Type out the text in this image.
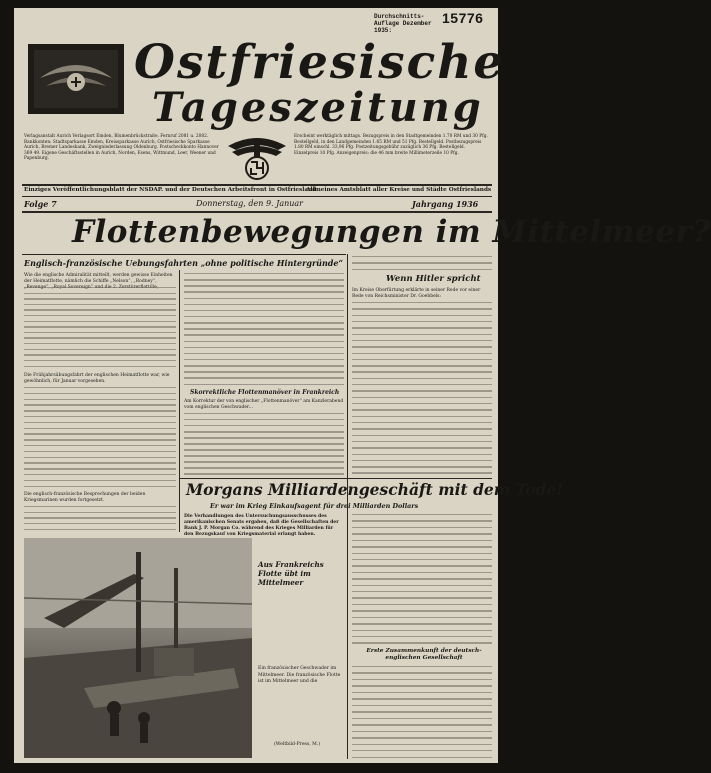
Durchschnitts-Auflage Dezember 1935:
15776
Ostfriesische
Tageszeitung
Verlagsanstalt Aurich Verlagsort Emden, Blumenbrückstraße. Fernruf 2081 u. 2082. Bankkonten: Stadtsparkasse Emden, Kreissparkasse Aurich, Ostfriesische Sparkasse Aurich, Bremer Landesbank, Zweigniederlassung Oldenburg. Postscheckkonto Hannover 369 49. Eigene Geschäftsstellen in Aurich, Norden, Esens, Wittmund, Leer, Weener und Papenburg.
Erscheint werktäglich mittags. Bezugspreis in den Stadtgemeinden 1.70 RM und 30 Pfg. Bestellgeld, in den Landgemeinden 1.65 RM und 51 Pfg. Bestellgeld. Postbezugspreis 1.80 RM einschl. 33,96 Pfg. Postzeitungsgebühr zuzüglich 36 Pfg. Bestellgeld. Einzelpreis 10 Pfg. Anzeigenpreis: die 46 mm breite Millimeterzeile 10 Pfg.
Einziges Veröffentlichungsblatt der NSDAP. und der Deutschen Arbeitsfront in Ostfriesland
Allmeines Amtsblatt aller Kreise und Städte Ostfrieslands
Folge 7	Donnerstag, den 9. Januar	Jahrgang 1936
Flottenbewegungen im Mittelmeer?
Englisch-französische Uebungsfahrten „ohne politische Hintergründe“
Wie die englische Admiralität mitteilt, werden gewisse Einheiten der Heimatflotte, nämlich die Schiffe „Nelson“, „Rodney“,
Die Frühjahrsübungsfahrt der englischen Heimatflotte war, wie gewöhnlich, für Januar vorgesehen.
Die englisch-französische Besprechungen der beiden Kriegsmarinen wurden fortgesetzt.
Skorrektliche Flottenmanöver in Frankreich
Am Korrektur der von englischer „Flottenmanöver“ am Kanzlerabend vom englischen Geschwader...
Morgans Milliardengeschäft mit dem Tode!
Er war im Krieg Einkaufsagent für drei Milliarden Dollars
Die Verhandlungen des Untersuchungsausschusses des amerikanischen Senats ergaben, daß die Gesellschaften der Bank J. P. Morgan Co. während des Krieges Milliarden für den Bezugskauf von Kriegsmaterial erlangt haben.
Wenn Hitler spricht
Im Kreise Oberfürtung erklärte in seiner Rede vor einer Rede von Reichsminister Dr. Goebbels:
Erste Zusammenkunft der deutsch-englischen Gesellschaft
Aus Frankreichs Flotte übt im Mittelmeer
Ein französischer Geschwader im Mittelmeer. Die französische Flotte ist im Mittelmeer und die
(Weltbild-Press, M.)
